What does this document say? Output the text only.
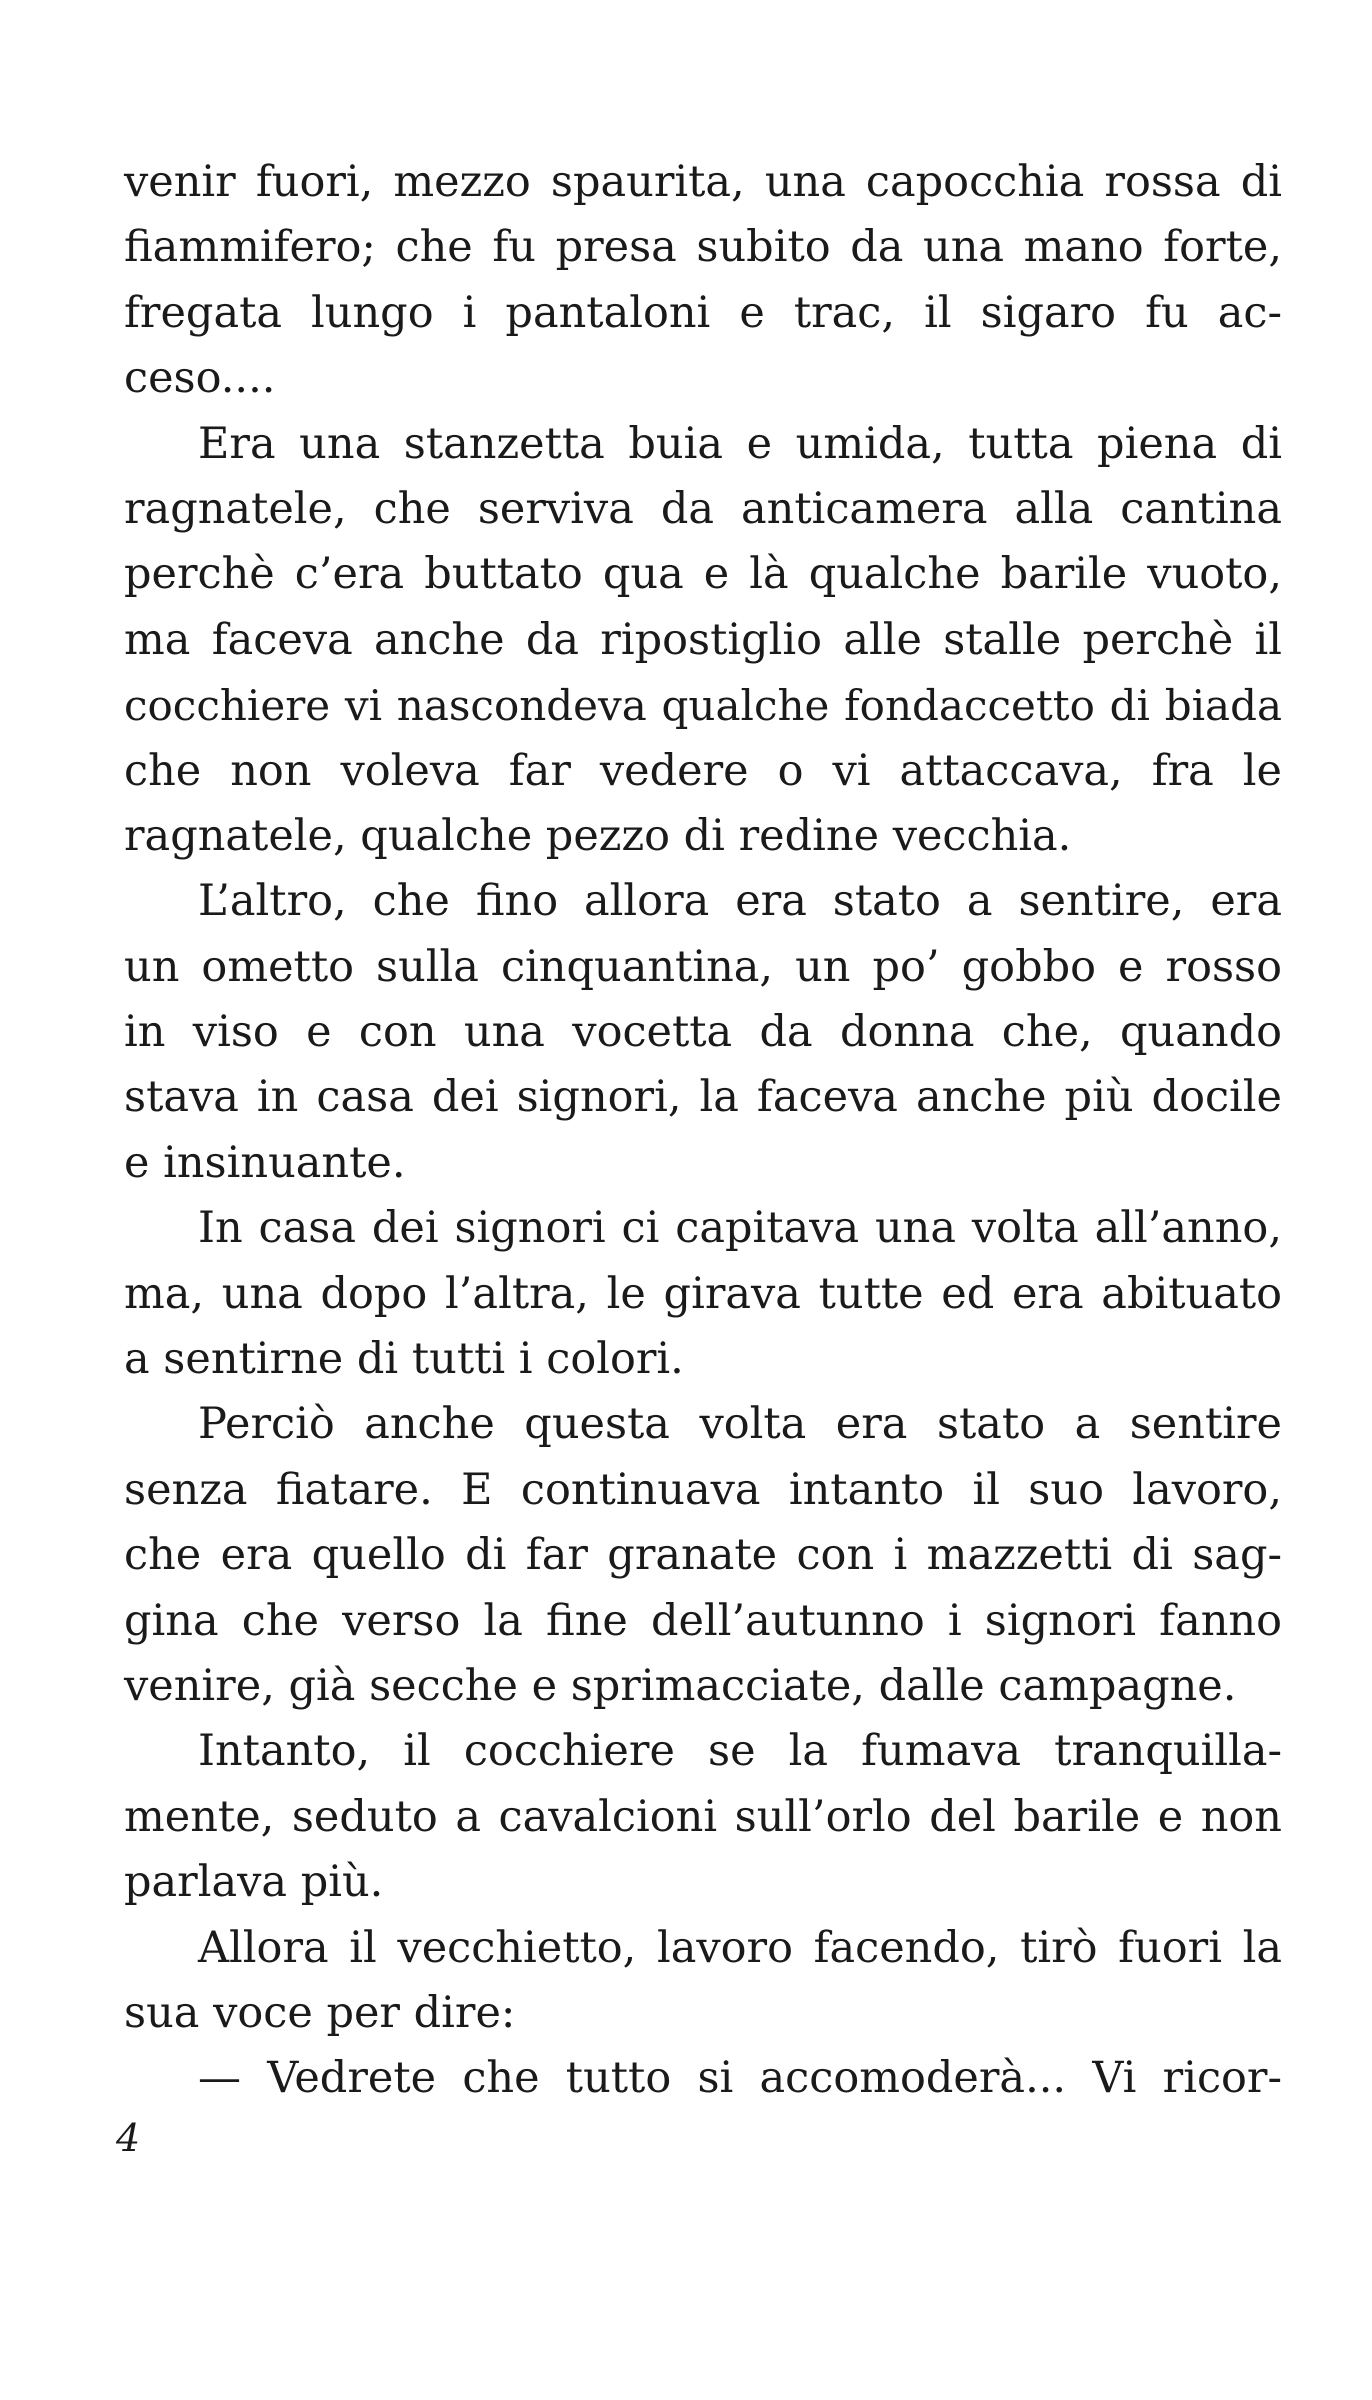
venir fuori, mezzo spaurita, una capocchia rossa di
fiammifero; che fu presa subito da una mano forte,
fregata lungo i pantaloni e trac, il sigaro fu ac-
ceso....
Era una stanzetta buia e umida, tutta piena di
ragnatele, che serviva da anticamera alla cantina
perchè c’era buttato qua e là qualche barile vuoto,
ma faceva anche da ripostiglio alle stalle perchè il
cocchiere vi nascondeva qualche fondaccetto di biada
che non voleva far vedere o vi attaccava, fra le
ragnatele, qualche pezzo di redine vecchia.
L’altro, che fino allora era stato a sentire, era
un ometto sulla cinquantina, un po’ gobbo e rosso
in viso e con una vocetta da donna che, quando
stava in casa dei signori, la faceva anche più docile
e insinuante.
In casa dei signori ci capitava una volta all’anno,
ma, una dopo l’altra, le girava tutte ed era abituato
a sentirne di tutti i colori.
Perciò anche questa volta era stato a sentire
senza fiatare. E continuava intanto il suo lavoro,
che era quello di far granate con i mazzetti di sag-
gina che verso la fine dell’autunno i signori fanno
venire, già secche e sprimacciate, dalle campagne.
Intanto, il cocchiere se la fumava tranquilla-
mente, seduto a cavalcioni sull’orlo del barile e non
parlava più.
Allora il vecchietto, lavoro facendo, tirò fuori la
sua voce per dire:
— Vedrete che tutto si accomoderà... Vi ricor-
4
